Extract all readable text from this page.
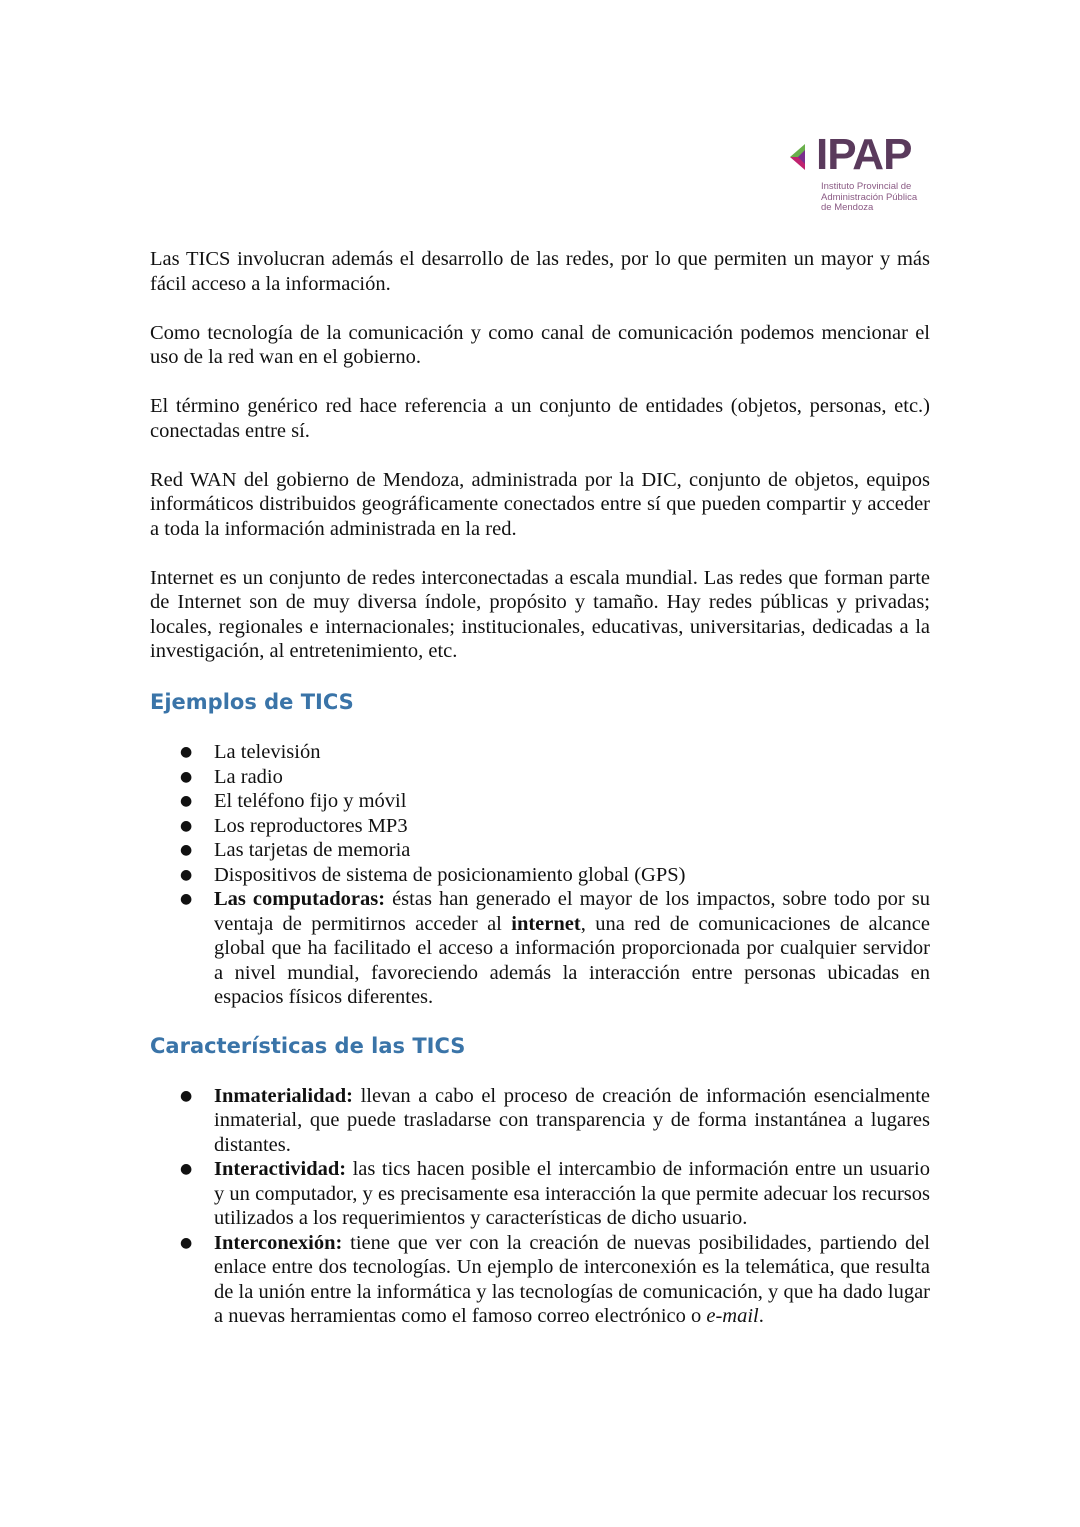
IPAP
Instituto Provincial de
Administración Pública
de Mendoza

Las TICS involucran además el desarrollo de las redes, por lo que permiten un mayor y más fácil acceso a la información.

Como tecnología de la comunicación y como canal de comunicación podemos mencionar el uso de la red wan en el gobierno.

El término genérico red hace referencia a un conjunto de entidades (objetos, personas, etc.) conectadas entre sí.

Red WAN del gobierno de Mendoza, administrada por la DIC, conjunto de objetos, equipos informáticos distribuidos geográficamente conectados entre sí que pueden compartir y acceder a toda la información administrada en la red.

Internet es un conjunto de redes interconectadas a escala mundial. Las redes que forman parte de Internet son de muy diversa índole, propósito y tamaño. Hay redes públicas y privadas; locales, regionales e internacionales; institucionales, educativas, universitarias, dedicadas a la investigación, al entretenimiento, etc.

Ejemplos de TICS
● La televisión
● La radio
● El teléfono fijo y móvil
● Los reproductores MP3
● Las tarjetas de memoria
● Dispositivos de sistema de posicionamiento global (GPS)
● Las computadoras: éstas han generado el mayor de los impactos, sobre todo por su ventaja de permitirnos acceder al internet, una red de comunicaciones de alcance global que ha facilitado el acceso a información proporcionada por cualquier servidor a nivel mundial, favoreciendo además la interacción entre personas ubicadas en espacios físicos diferentes.
Características de las TICS
● Inmaterialidad: llevan a cabo el proceso de creación de información esencialmente inmaterial, que puede trasladarse con transparencia y de forma instantánea a lugares distantes.
● Interactividad: las tics hacen posible el intercambio de información entre un usuario y un computador, y es precisamente esa interacción la que permite adecuar los recursos utilizados a los requerimientos y características de dicho usuario.
● Interconexión: tiene que ver con la creación de nuevas posibilidades, partiendo del enlace entre dos tecnologías. Un ejemplo de interconexión es la telemática, que resulta de la unión entre la informática y las tecnologías de comunicación, y que ha dado lugar a nuevas herramientas como el famoso correo electrónico o e-mail.
